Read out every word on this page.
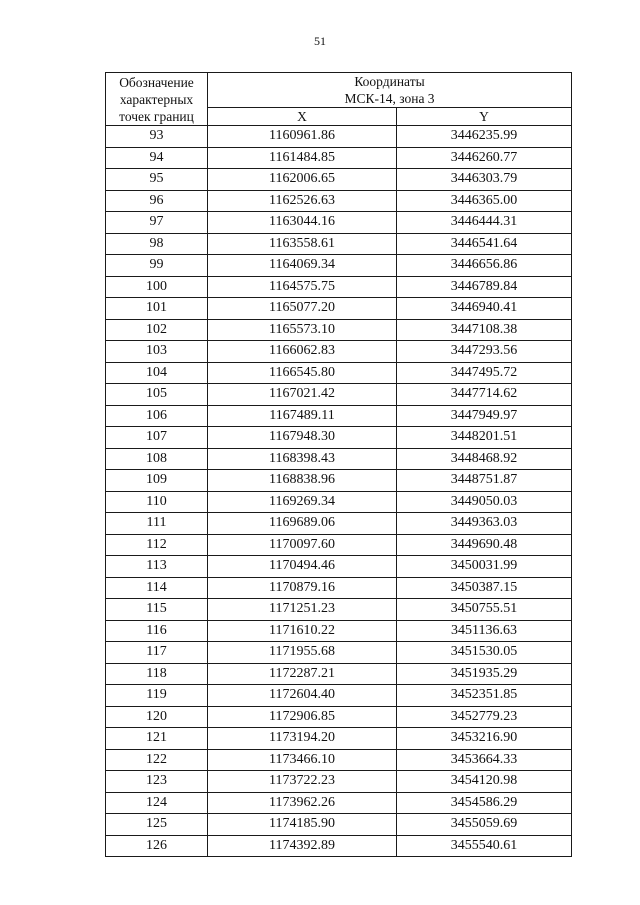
51
Обозначение характерных точек границ	Координаты
МСК-14, зона 3	
	X	Y
93	1160961.86	3446235.99
94	1161484.85	3446260.77
95	1162006.65	3446303.79
96	1162526.63	3446365.00
97	1163044.16	3446444.31
98	1163558.61	3446541.64
99	1164069.34	3446656.86
100	1164575.75	3446789.84
101	1165077.20	3446940.41
102	1165573.10	3447108.38
103	1166062.83	3447293.56
104	1166545.80	3447495.72
105	1167021.42	3447714.62
106	1167489.11	3447949.97
107	1167948.30	3448201.51
108	1168398.43	3448468.92
109	1168838.96	3448751.87
110	1169269.34	3449050.03
111	1169689.06	3449363.03
112	1170097.60	3449690.48
113	1170494.46	3450031.99
114	1170879.16	3450387.15
115	1171251.23	3450755.51
116	1171610.22	3451136.63
117	1171955.68	3451530.05
118	1172287.21	3451935.29
119	1172604.40	3452351.85
120	1172906.85	3452779.23
121	1173194.20	3453216.90
122	1173466.10	3453664.33
123	1173722.23	3454120.98
124	1173962.26	3454586.29
125	1174185.90	3455059.69
126	1174392.89	3455540.61
